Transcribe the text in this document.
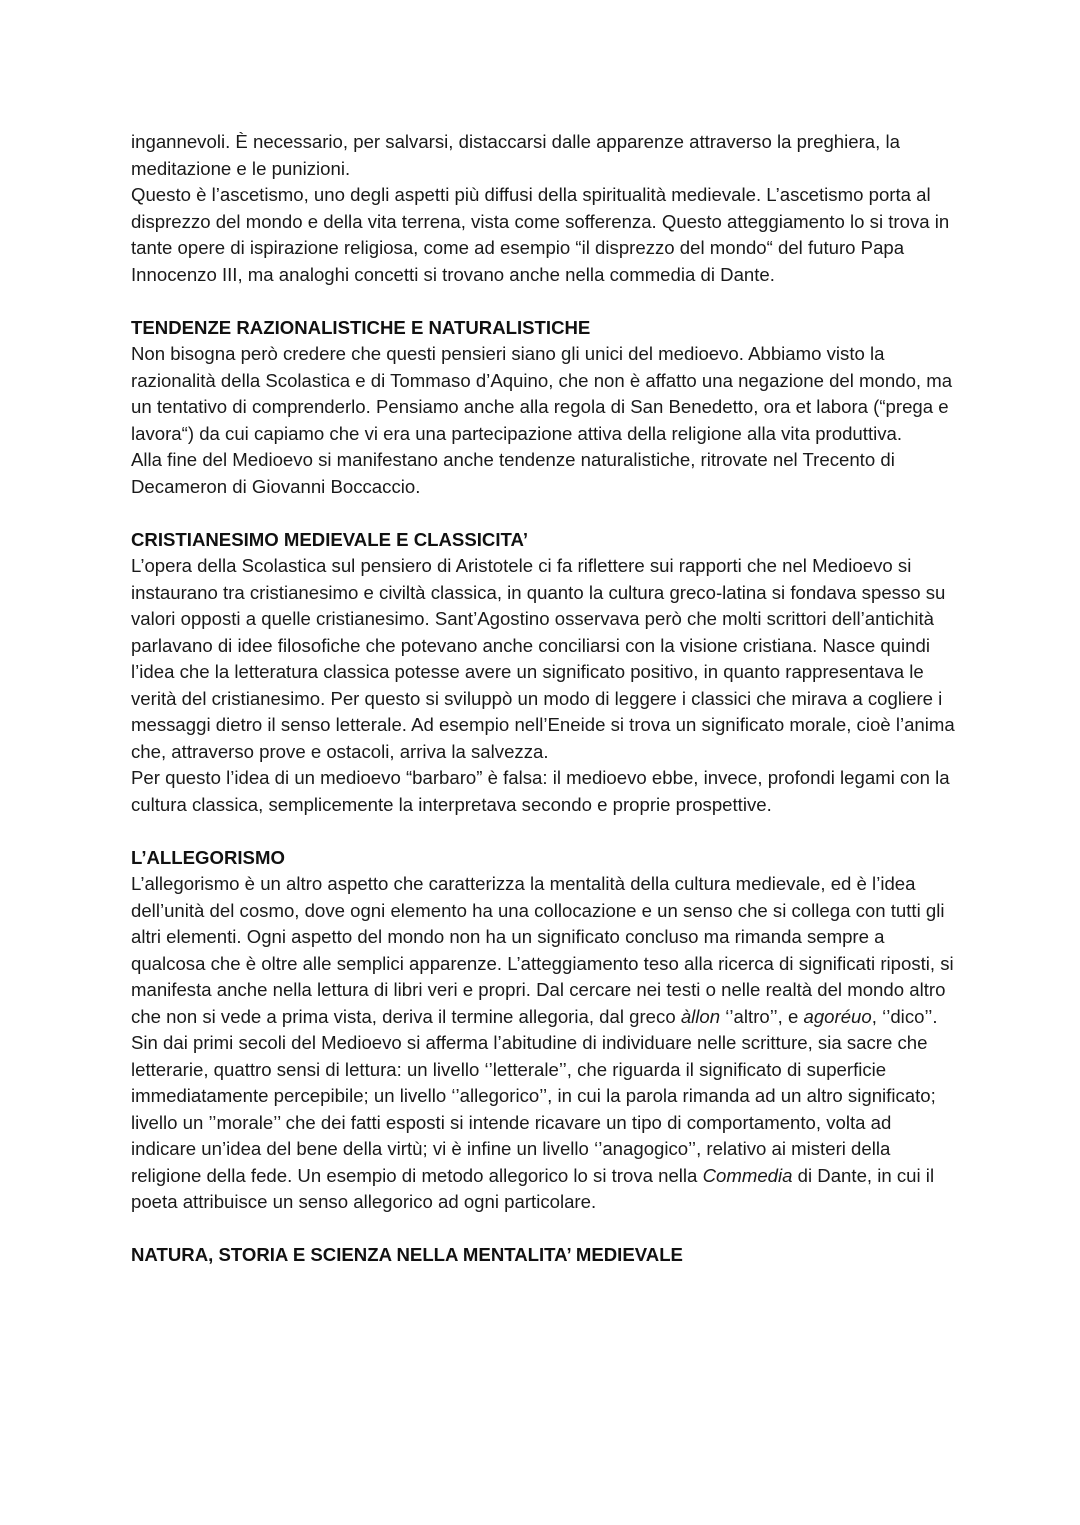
ingannevoli. È necessario, per salvarsi, distaccarsi dalle apparenze attraverso la preghiera, la meditazione e le punizioni.

Questo è l’ascetismo, uno degli aspetti più diffusi della spiritualità medievale. L’ascetismo porta al disprezzo del mondo e della vita terrena, vista come sofferenza. Questo atteggiamento lo si trova in tante opere di ispirazione religiosa, come ad esempio “il disprezzo del mondo“ del futuro Papa Innocenzo III, ma analoghi concetti si trovano anche nella commedia di Dante.

TENDENZE RAZIONALISTICHE E NATURALISTICHE

Non bisogna però credere che questi pensieri siano gli unici del medioevo. Abbiamo visto la razionalità della Scolastica e di Tommaso d’Aquino, che non è affatto una negazione del mondo, ma un tentativo di comprenderlo. Pensiamo anche alla regola di San Benedetto, ora et labora (“prega e lavora“) da cui capiamo che vi era una partecipazione attiva della religione alla vita produttiva.

Alla fine del Medioevo si manifestano anche tendenze naturalistiche, ritrovate nel Trecento di Decameron di Giovanni Boccaccio.

CRISTIANESIMO MEDIEVALE E CLASSICITA’

L’opera della Scolastica sul pensiero di Aristotele ci fa riflettere sui rapporti che nel Medioevo si instaurano tra cristianesimo e civiltà classica, in quanto la cultura greco-latina si fondava spesso su valori opposti a quelle cristianesimo. Sant’Agostino osservava però che molti scrittori dell’antichità parlavano di idee filosofiche che potevano anche conciliarsi con la visione cristiana. Nasce quindi l’idea che la letteratura classica potesse avere un significato positivo, in quanto rappresentava le verità del cristianesimo. Per questo si sviluppò un modo di leggere i classici che mirava a cogliere i messaggi dietro il senso letterale. Ad esempio nell’Eneide si trova un significato morale, cioè l’anima che, attraverso prove e ostacoli, arriva la salvezza.

Per questo l’idea di un medioevo “barbaro” è falsa: il medioevo ebbe, invece, profondi legami con la cultura classica, semplicemente la interpretava secondo e proprie prospettive.

L’ALLEGORISMO

L’allegorismo è un altro aspetto che caratterizza la mentalità della cultura medievale, ed è l’idea dell’unità del cosmo, dove ogni elemento ha una collocazione e un senso che si collega con tutti gli altri elementi. Ogni aspetto del mondo non ha un significato concluso ma rimanda sempre a qualcosa che è oltre alle semplici apparenze. L’atteggiamento teso alla ricerca di significati riposti, si manifesta anche nella lettura di libri veri e propri. Dal cercare nei testi o nelle realtà del mondo altro che non si vede a prima vista, deriva il termine allegoria, dal greco àllon ‘’altro’’, e agoréuo, ‘’dico’’.

Sin dai primi secoli del Medioevo si afferma l’abitudine di individuare nelle scritture, sia sacre che letterarie, quattro sensi di lettura: un livello ‘’letterale’’, che riguarda il significato di superficie immediatamente percepibile; un livello ‘’allegorico’’, in cui la parola rimanda ad un altro significato; livello un ’’morale’’ che dei fatti esposti si intende ricavare un tipo di comportamento, volta ad indicare un’idea del bene della virtù; vi è infine un livello ‘’anagogico’’, relativo ai misteri della religione della fede. Un esempio di metodo allegorico lo si trova nella Commedia di Dante, in cui il poeta attribuisce un senso allegorico ad ogni particolare.

NATURA, STORIA E SCIENZA NELLA MENTALITA’ MEDIEVALE
